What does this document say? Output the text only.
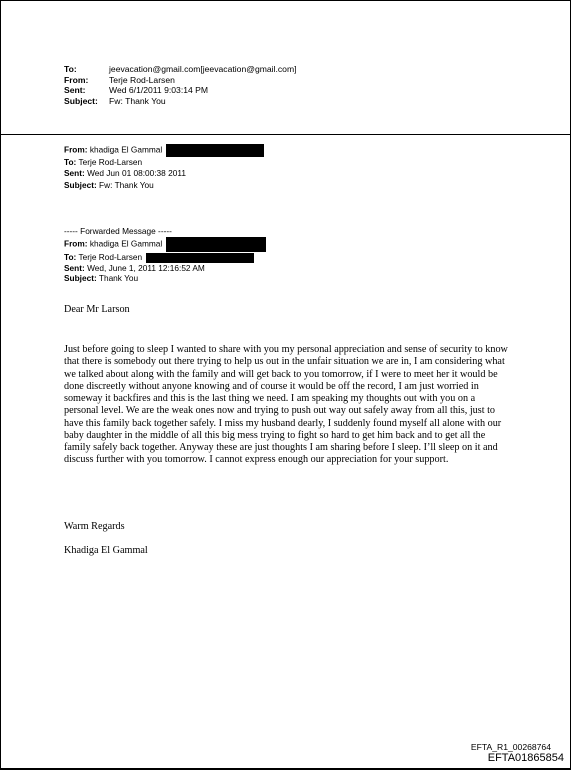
To:	jeevacation@gmail.com[jeevacation@gmail.com]
From:	Terje Rod-Larsen
Sent:	Wed 6/1/2011 9:03:14 PM
Subject:	Fw: Thank You
From: khadiga El Gammal
To: Terje Rod-Larsen
Sent: Wed Jun 01 08:00:38 2011
Subject: Fw: Thank You
----- Forwarded Message -----
From: khadiga El Gammal
To: Terje Rod-Larsen
Sent: Wed, June 1, 2011 12:16:52 AM
Subject: Thank You
Dear Mr Larson
Just before going to sleep I wanted to share with you my personal appreciation and sense of security to know that there is somebody out there trying to help us out in the unfair situation we are in, I am considering what we talked about along with the family and will get back to you tomorrow, if I were to meet her it would be done discreetly without anyone knowing and of course it would be off the record, I am just worried in someway it backfires and this is the last thing we need. I am speaking my thoughts out with you on a personal level. We are the weak ones now and trying to push out way out safely away from all this, just to have this family back together safely. I miss my husband dearly, I suddenly found myself all alone with our baby daughter in the middle of all this big mess trying to fight so hard to get him back and to get all the family safely back together. Anyway these are just thoughts I am sharing before I sleep. I’ll sleep on it and discuss further with you tomorrow. I cannot express enough our appreciation for your support.
Warm Regards
Khadiga El Gammal
EFTA_R1_00268764
EFTA01865854
